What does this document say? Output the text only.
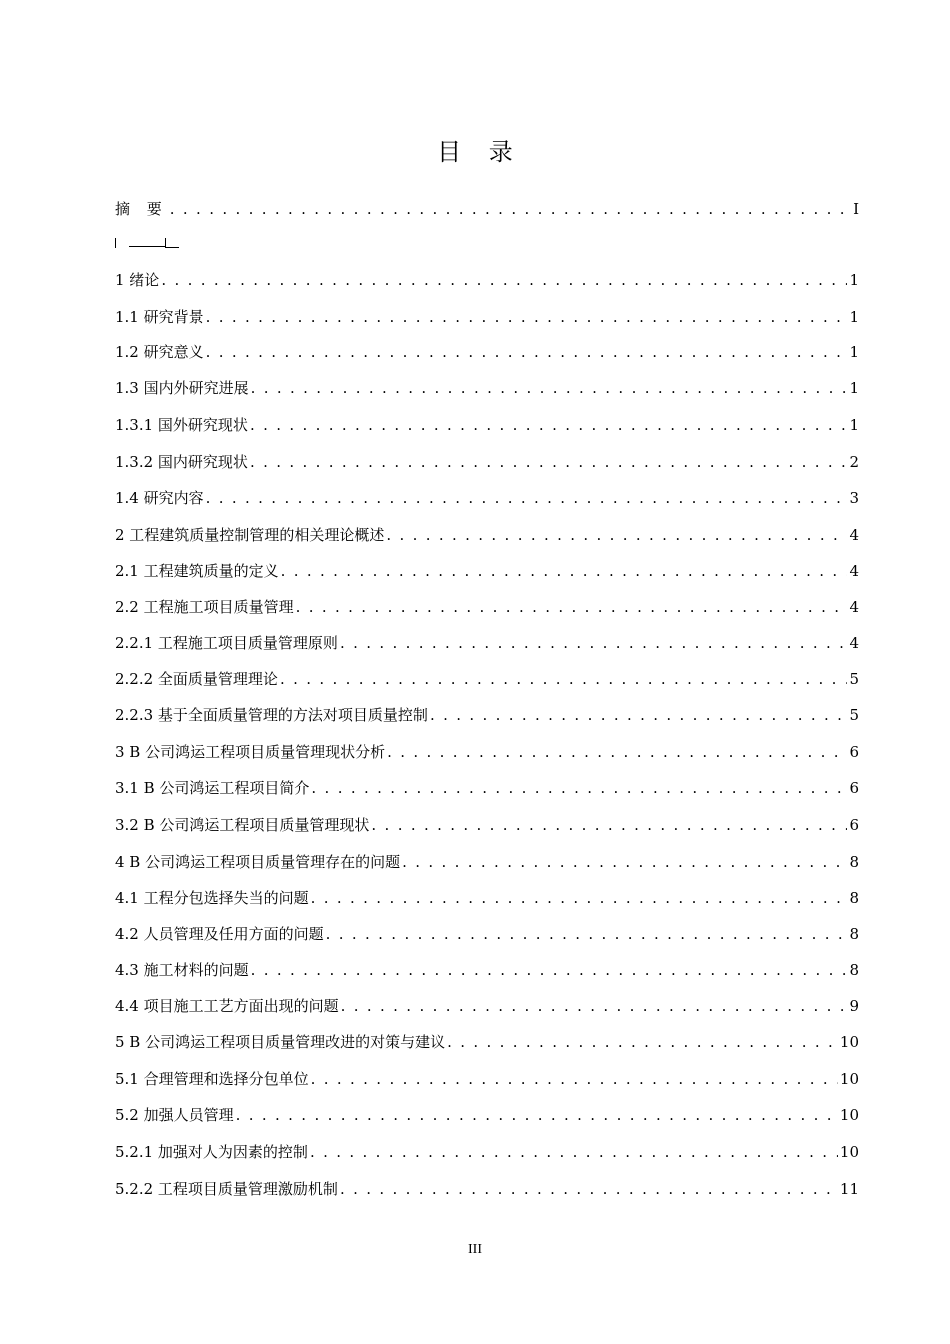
目 录
摘 要 . . .	I
1 绪论 . . .	1
1.1 研究背景 . . .	1
1.2 研究意义 . . .	1
1.3 国内外研究进展 . . .	1
1.3.1 国外研究现状 . . .	1
1.3.2 国内研究现状 . . .	2
1.4 研究内容 . . .	3
2 工程建筑质量控制管理的相关理论概述 . . .	4
2.1 工程建筑质量的定义 . . .	4
2.2 工程施工项目质量管理 . . .	4
2.2.1 工程施工项目质量管理原则 . . .	4
2.2.2 全面质量管理理论 . . .	5
2.2.3 基于全面质量管理的方法对项目质量控制 . . .	5
3 B 公司鸿运工程项目质量管理现状分析 . . .	6
3.1 B 公司鸿运工程项目简介 . . .	6
3.2 B 公司鸿运工程项目质量管理现状 . . .	6
4 B 公司鸿运工程项目质量管理存在的问题 . . .	8
4.1 工程分包选择失当的问题 . . .	8
4.2 人员管理及任用方面的问题 . . .	8
4.3 施工材料的问题 . . .	8
4.4 项目施工工艺方面出现的问题 . . .	9
5 B 公司鸿运工程项目质量管理改进的对策与建议 . . .	10
5.1 合理管理和选择分包单位 . . .	10
5.2 加强人员管理 . . .	10
5.2.1 加强对人为因素的控制 . . .	10
5.2.2 工程项目质量管理激励机制 . . .	11
III
